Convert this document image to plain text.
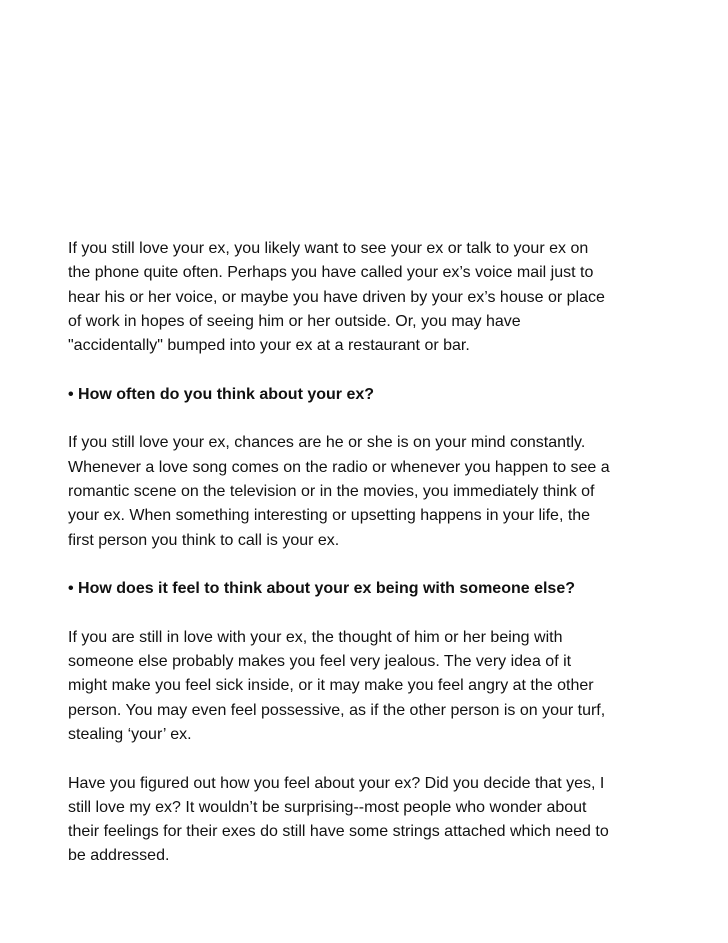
If you still love your ex, you likely want to see your ex or talk to your ex on
the phone quite often. Perhaps you have called your ex’s voice mail just to
hear his or her voice, or maybe you have driven by your ex’s house or place
of work in hopes of seeing him or her outside. Or, you may have
"accidentally" bumped into your ex at a restaurant or bar.

• How often do you think about your ex?

If you still love your ex, chances are he or she is on your mind constantly.
Whenever a love song comes on the radio or whenever you happen to see a
romantic scene on the television or in the movies, you immediately think of
your ex. When something interesting or upsetting happens in your life, the
first person you think to call is your ex.

• How does it feel to think about your ex being with someone else?

If you are still in love with your ex, the thought of him or her being with
someone else probably makes you feel very jealous. The very idea of it
might make you feel sick inside, or it may make you feel angry at the other
person. You may even feel possessive, as if the other person is on your turf,
stealing ‘your’ ex.

Have you figured out how you feel about your ex? Did you decide that yes, I
still love my ex? It wouldn’t be surprising--most people who wonder about
their feelings for their exes do still have some strings attached which need to
be addressed.
